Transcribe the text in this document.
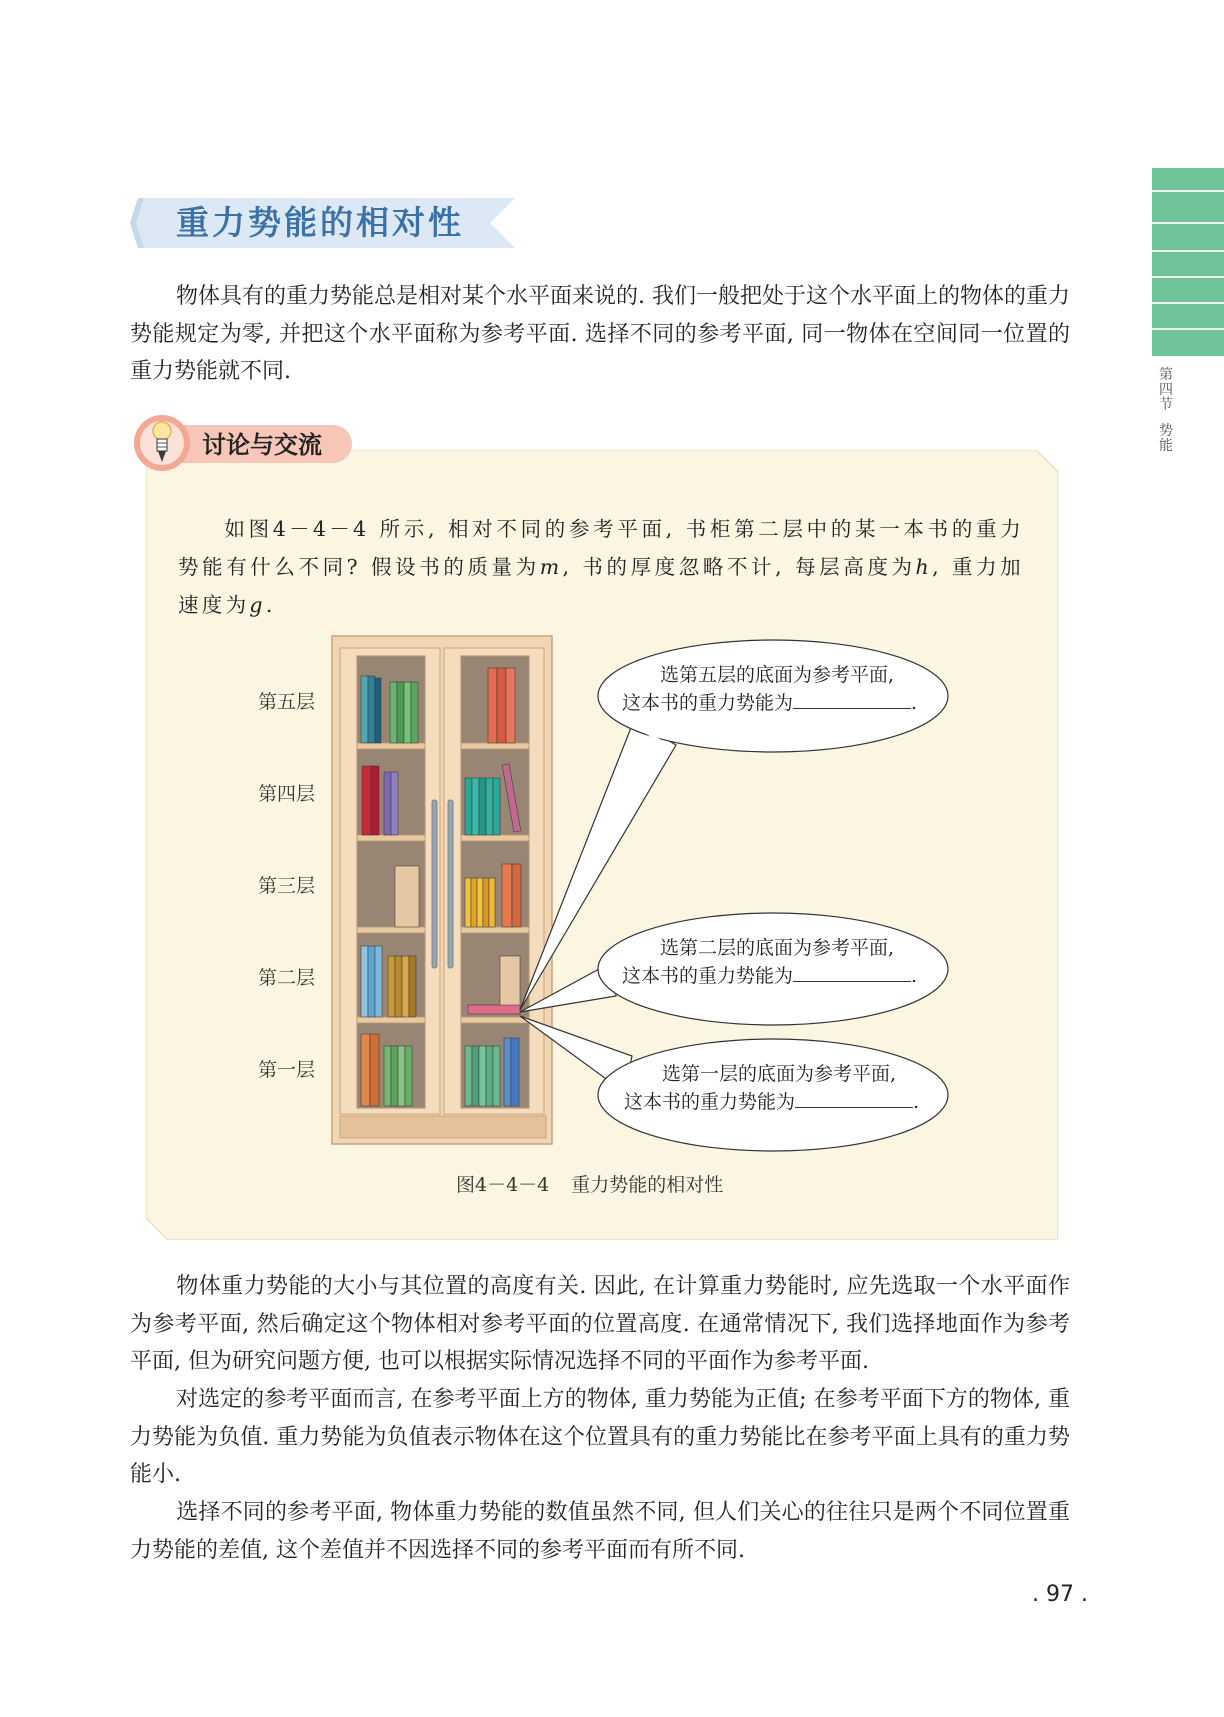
第四节
势能
重力势能的相对性

物体具有的重力势能总是相对某个水平面来说的. 我们一般把处于这个水平面上的物体的重力势能规定为零, 并把这个水平面称为参考平面. 选择不同的参考平面, 同一物体在空间同一位置的重力势能就不同.

讨论与交流

如图4－4－4 所示, 相对不同的参考平面, 书柜第二层中的某一本书的重力势能有什么不同? 假设书的质量为m, 书的厚度忽略不计, 每层高度为h, 重力加速度为g.

第五层
第四层
第三层
第二层
第一层
选第五层的底面为参考平面,
这本书的重力势能为	.
选第二层的底面为参考平面,
这本书的重力势能为	.
选第一层的底面为参考平面,
这本书的重力势能为	.
图4－4－4 重力势能的相对性

物体重力势能的大小与其位置的高度有关. 因此, 在计算重力势能时, 应先选取一个水平面作为参考平面, 然后确定这个物体相对参考平面的位置高度. 在通常情况下, 我们选择地面作为参考平面, 但为研究问题方便, 也可以根据实际情况选择不同的平面作为参考平面.

对选定的参考平面而言, 在参考平面上方的物体, 重力势能为正值; 在参考平面下方的物体, 重力势能为负值. 重力势能为负值表示物体在这个位置具有的重力势能比在参考平面上具有的重力势能小.

选择不同的参考平面, 物体重力势能的数值虽然不同, 但人们关心的往往只是两个不同位置重力势能的差值, 这个差值并不因选择不同的参考平面而有所不同.

. 97 .
